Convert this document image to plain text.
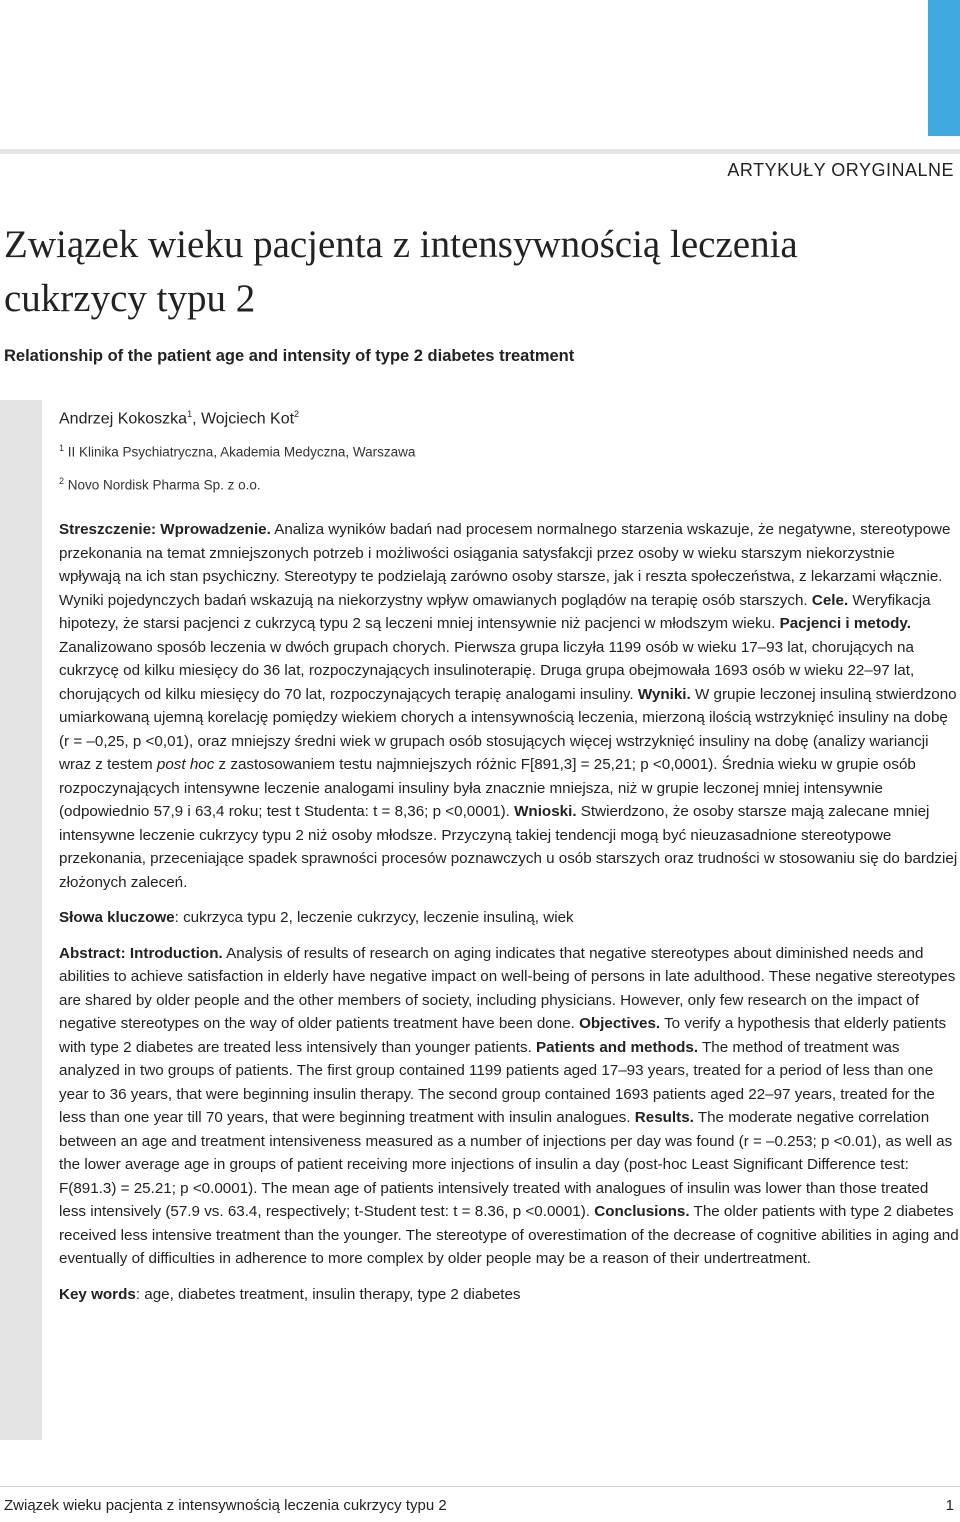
ARTYKUŁY ORYGINALNE
Związek wieku pacjenta z intensywnością leczenia cukrzycy typu 2
Relationship of the patient age and intensity of type 2 diabetes treatment
Andrzej Kokoszka$^1$, Wojciech Kot$^2$
$^1$ II Klinika Psychiatryczna, Akademia Medyczna, Warszawa
$^2$ Novo Nordisk Pharma Sp. z o.o.

Streszczenie: Wprowadzenie. Analiza wyników badań nad procesem normalnego starzenia wskazuje, że negatywne, stereotypowe przekonania na temat zmniejszonych potrzeb i możliwości osiągania satysfakcji przez osoby w wieku starszym niekorzystnie wpływają na ich stan psychiczny. Stereotypy te podzielają zarówno osoby starsze, jak i reszta społeczeństwa, z lekarzami włącznie. Wyniki pojedynczych badań wskazują na niekorzystny wpływ omawianych poglądów na terapię osób starszych. Cele. Weryfikacja hipotezy, że starsi pacjenci z cukrzycą typu 2 są leczeni mniej intensywnie niż pacjenci w młodszym wieku. Pacjenci i metody. Zanalizowano sposób leczenia w dwóch grupach chorych. Pierwsza grupa liczyła 1199 osób w wieku 17–93 lat, chorujących na cukrzycę od kilku miesięcy do 36 lat, rozpoczynających insulinoterapię. Druga grupa obejmowała 1693 osób w wieku 22–97 lat, chorujących od kilku miesięcy do 70 lat, rozpoczynających terapię analogami insuliny. Wyniki. W grupie leczonej insuliną stwierdzono umiarkowaną ujemną korelację pomiędzy wiekiem chorych a intensywnością leczenia, mierzoną ilością wstrzyknięć insuliny na dobę (r = –0,25, p <0,01), oraz mniejszy średni wiek w grupach osób stosujących więcej wstrzyknięć insuliny na dobę (analizy wariancji wraz z testem post hoc z zastosowaniem testu najmniejszych różnic F[891,3] = 25,21; p <0,0001). Średnia wieku w grupie osób rozpoczynających intensywne leczenie analogami insuliny była znacznie mniejsza, niż w grupie leczonej mniej intensywnie (odpowiednio 57,9 i 63,4 roku; test t Studenta: t = 8,36; p <0,0001). Wnioski. Stwierdzono, że osoby starsze mają zalecane mniej intensywne leczenie cukrzycy typu 2 niż osoby młodsze. Przyczyną takiej tendencji mogą być nieuzasadnione stereotypowe przekonania, przeceniające spadek sprawności procesów poznawczych u osób starszych oraz trudności w stosowaniu się do bardziej złożonych zaleceń.

Słowa kluczowe: cukrzyca typu 2, leczenie cukrzycy, leczenie insuliną, wiek

Abstract: Introduction. Analysis of results of research on aging indicates that negative stereotypes about diminished needs and abilities to achieve satisfaction in elderly have negative impact on well-being of persons in late adulthood. These negative stereotypes are shared by older people and the other members of society, including physicians. However, only few research on the impact of negative stereotypes on the way of older patients treatment have been done. Objectives. To verify a hypothesis that elderly patients with type 2 diabetes are treated less intensively than younger patients. Patients and methods. The method of treatment was analyzed in two groups of patients. The first group contained 1199 patients aged 17–93 years, treated for a period of less than one year to 36 years, that were beginning insulin therapy. The second group contained 1693 patients aged 22–97 years, treated for the less than one year till 70 years, that were beginning treatment with insulin analogues. Results. The moderate negative correlation between an age and treatment intensiveness measured as a number of injections per day was found (r = –0.253; p <0.01), as well as the lower average age in groups of patient receiving more injections of insulin a day (post-hoc Least Significant Difference test: F(891.3) = 25.21; p <0.0001). The mean age of patients intensively treated with analogues of insulin was lower than those treated less intensively (57.9 vs. 63.4, respectively; t-Student test: t = 8.36, p <0.0001). Conclusions. The older patients with type 2 diabetes received less intensive treatment than the younger. The stereotype of overestimation of the decrease of cognitive abilities in aging and eventually of difficulties in adherence to more complex by older people may be a reason of their undertreatment.

Key words: age, diabetes treatment, insulin therapy, type 2 diabetes

Związek wieku pacjenta z intensywnością leczenia cukrzycy typu 2	1
